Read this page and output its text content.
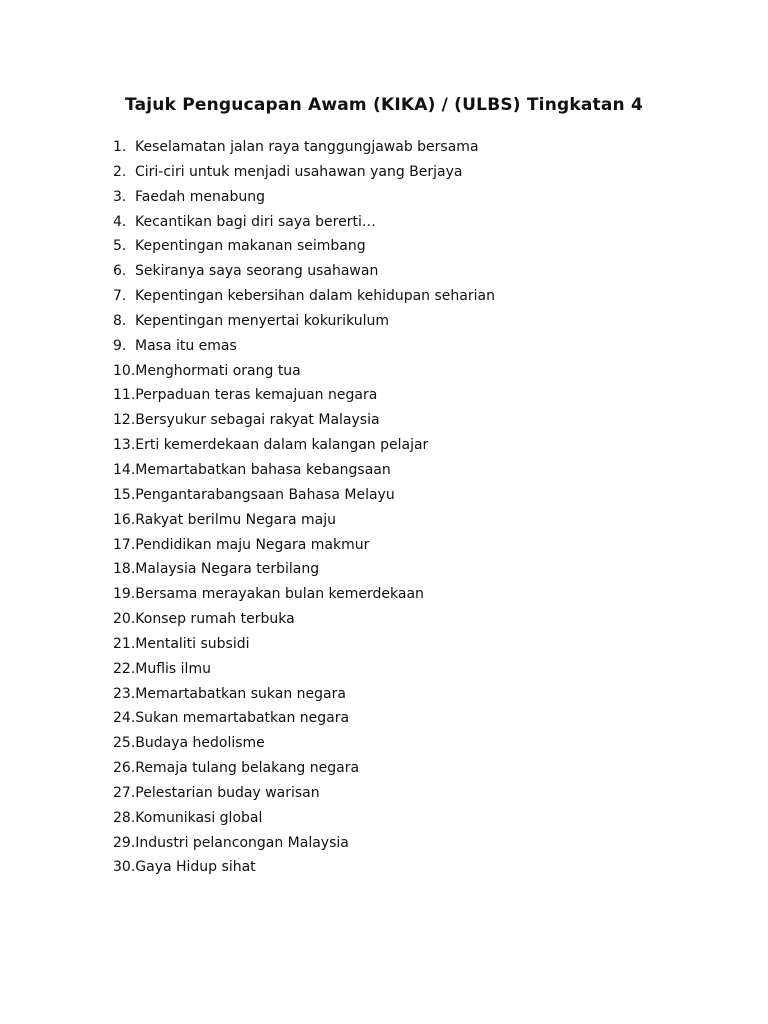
Tajuk Pengucapan Awam (KIKA) / (ULBS) Tingkatan 4
1. Keselamatan jalan raya tanggungjawab bersama
2. Ciri-ciri untuk menjadi usahawan yang Berjaya
3. Faedah menabung
4. Kecantikan bagi diri saya bererti…
5. Kepentingan makanan seimbang
6. Sekiranya saya seorang usahawan
7. Kepentingan kebersihan dalam kehidupan seharian
8. Kepentingan menyertai kokurikulum
9. Masa itu emas
10.Menghormati orang tua
11.Perpaduan teras kemajuan negara
12.Bersyukur sebagai rakyat Malaysia
13.Erti kemerdekaan dalam kalangan pelajar
14.Memartabatkan bahasa kebangsaan
15.Pengantarabangsaan Bahasa Melayu
16.Rakyat berilmu Negara maju
17.Pendidikan maju Negara makmur
18.Malaysia Negara terbilang
19.Bersama merayakan bulan kemerdekaan
20.Konsep rumah terbuka
21.Mentaliti subsidi
22.Muflis ilmu
23.Memartabatkan sukan negara
24.Sukan memartabatkan negara
25.Budaya hedolisme
26.Remaja tulang belakang negara
27.Pelestarian buday warisan
28.Komunikasi global
29.Industri pelancongan Malaysia
30.Gaya Hidup sihat
